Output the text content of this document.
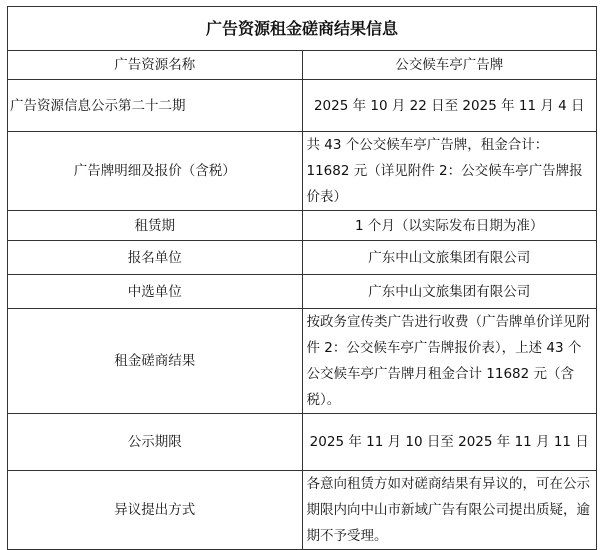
广告资源租金磋商结果信息	
广告资源名称	公交候车亭广告牌
广告资源信息公示第二十二期	2025 年 10 月 22 日至 2025 年 11 月 4 日
广告牌明细及报价（含税）	共 43 个公交候车亭广告牌，租金合计： 11682 元（详见附件 2：公交候车亭广告牌报价表）
租赁期	1 个月（以实际发布日期为准）
报名单位	广东中山文旅集团有限公司
中选单位	广东中山文旅集团有限公司
租金磋商结果	按政务宣传类广告进行收费（广告牌单价详见附件 2：公交候车亭广告牌报价表），上述 43 个公交候车亭广告牌月租金合计 11682 元（含税）。
公示期限	2025 年 11 月 10 日至 2025 年 11 月 11 日
异议提出方式	各意向租赁方如对磋商结果有异议的，可在公示期限内向中山市新域广告有限公司提出质疑，逾期不予受理。
